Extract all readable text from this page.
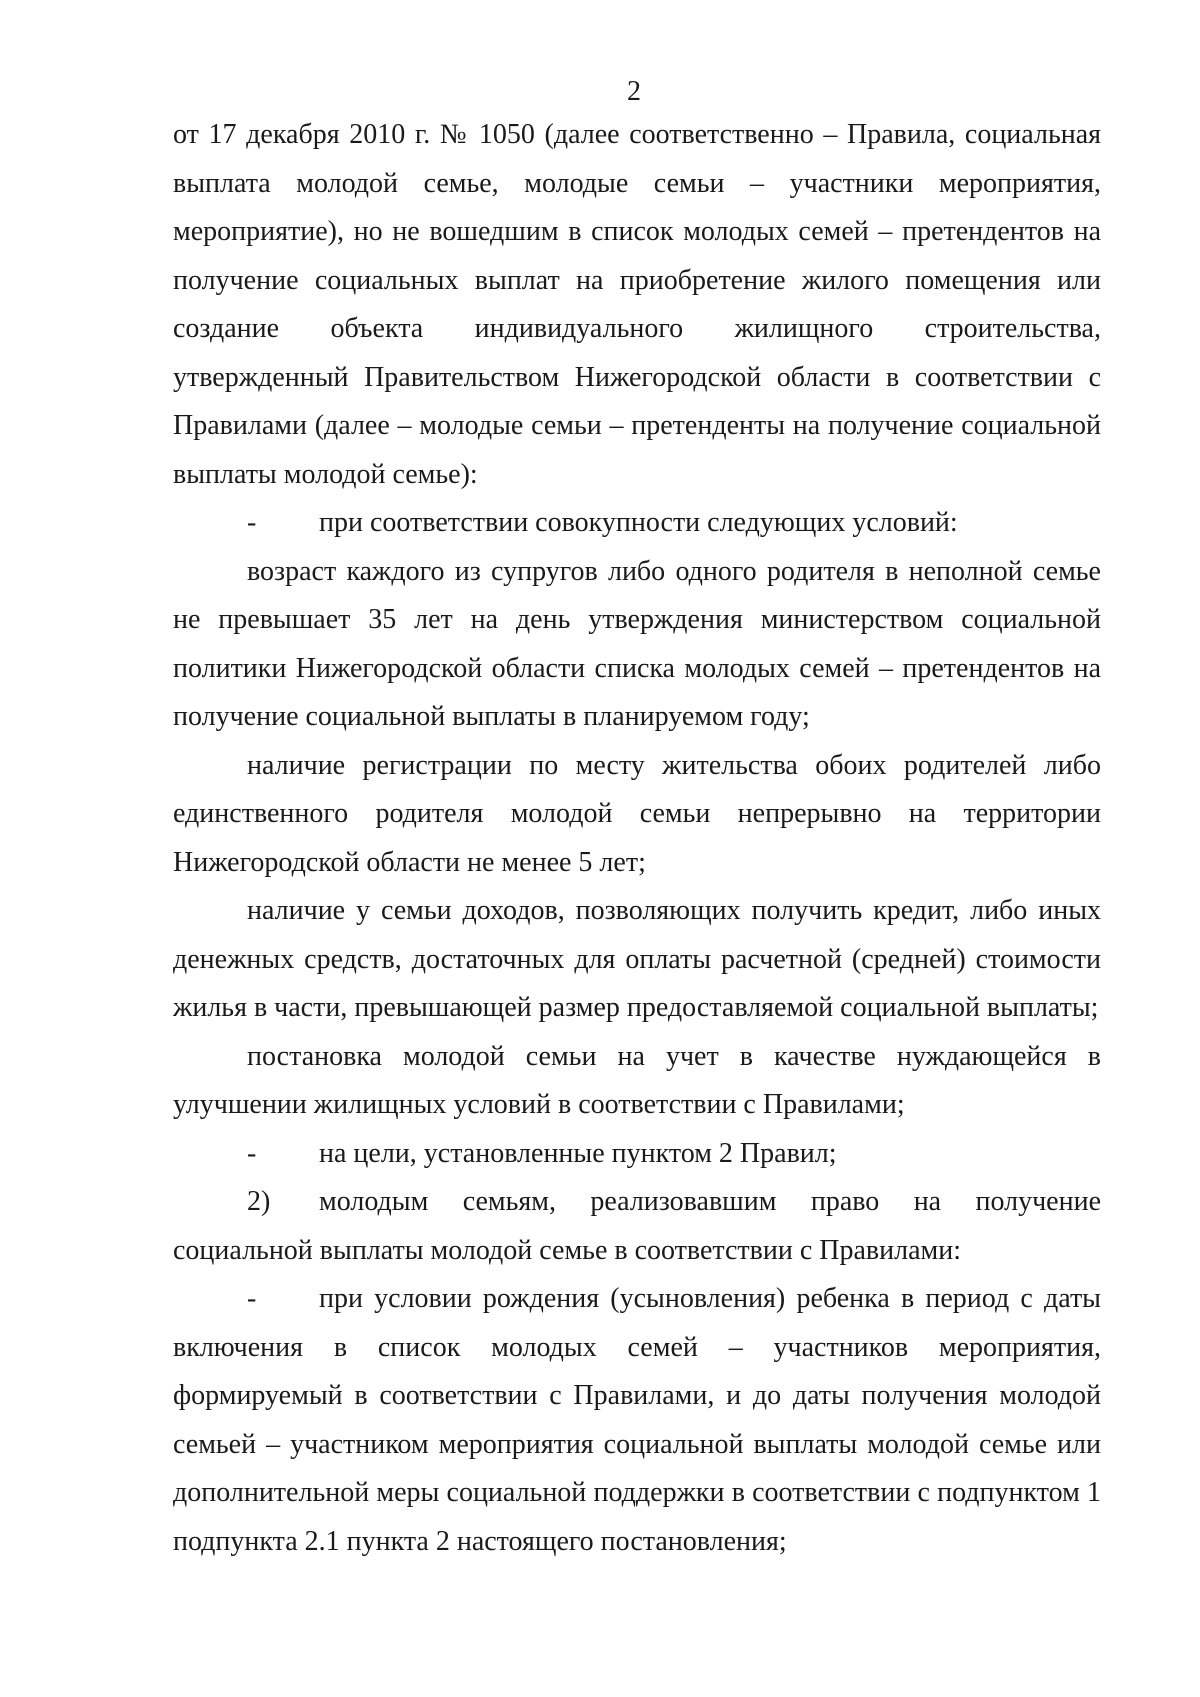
2

от 17 декабря 2010 г. № 1050 (далее соответственно – Правила, социальная выплата молодой семье, молодые семьи – участники мероприятия, мероприятие), но не вошедшим в список молодых семей – претендентов на получение социальных выплат на приобретение жилого помещения или создание объекта индивидуального жилищного строительства, утвержденный Правительством Нижегородской области в соответствии с Правилами (далее – молодые семьи – претенденты на получение социальной выплаты молодой семье):

-	при соответствии совокупности следующих условий:

возраст каждого из супругов либо одного родителя в неполной семье не превышает 35 лет на день утверждения министерством социальной политики Нижегородской области списка молодых семей – претендентов на получение социальной выплаты в планируемом году;

наличие регистрации по месту жительства обоих родителей либо единственного родителя молодой семьи непрерывно на территории Нижегородской области не менее 5 лет;

наличие у семьи доходов, позволяющих получить кредит, либо иных денежных средств, достаточных для оплаты расчетной (средней) стоимости жилья в части, превышающей размер предоставляемой социальной выплаты;

постановка молодой семьи на учет в качестве нуждающейся в улучшении жилищных условий в соответствии с Правилами;

-	на цели, установленные пунктом 2 Правил;
2)	молодым семьям, реализовавшим право на получение

социальной выплаты молодой семье в соответствии с Правилами:

-	при условии рождения (усыновления) ребенка в период с даты

включения в список молодых семей – участников мероприятия, формируемый в соответствии с Правилами, и до даты получения молодой семьей – участником мероприятия социальной выплаты молодой семье или дополнительной меры социальной поддержки в соответствии с подпунктом 1 подпункта 2.1 пункта 2 настоящего постановления;
